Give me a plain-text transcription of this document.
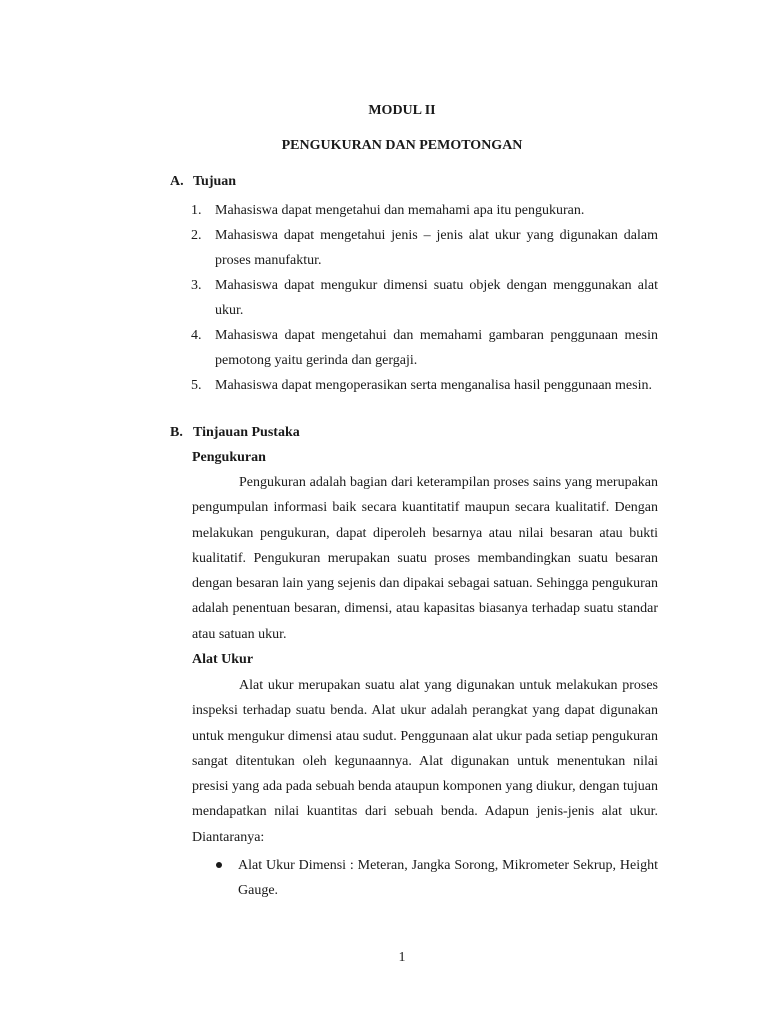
MODUL II
PENGUKURAN DAN PEMOTONGAN
A. Tujuan
1. Mahasiswa dapat mengetahui dan memahami apa itu pengukuran.
2. Mahasiswa dapat mengetahui jenis – jenis alat ukur yang digunakan dalam proses manufaktur.
3. Mahasiswa dapat mengukur dimensi suatu objek dengan menggunakan alat ukur.
4. Mahasiswa dapat mengetahui dan memahami gambaran penggunaan mesin pemotong yaitu gerinda dan gergaji.
5. Mahasiswa dapat mengoperasikan serta menganalisa hasil penggunaan mesin.
B. Tinjauan Pustaka
Pengukuran
Pengukuran adalah bagian dari keterampilan proses sains yang merupakan pengumpulan informasi baik secara kuantitatif maupun secara kualitatif. Dengan melakukan pengukuran, dapat diperoleh besarnya atau nilai besaran atau bukti kualitatif. Pengukuran merupakan suatu proses membandingkan suatu besaran dengan besaran lain yang sejenis dan dipakai sebagai satuan. Sehingga pengukuran adalah penentuan besaran, dimensi, atau kapasitas biasanya terhadap suatu standar atau satuan ukur.
Alat Ukur
Alat ukur merupakan suatu alat yang digunakan untuk melakukan proses inspeksi terhadap suatu benda. Alat ukur adalah perangkat yang dapat digunakan untuk mengukur dimensi atau sudut. Penggunaan alat ukur pada setiap pengukuran sangat ditentukan oleh kegunaannya. Alat digunakan untuk menentukan nilai presisi yang ada pada sebuah benda ataupun komponen yang diukur, dengan tujuan mendapatkan nilai kuantitas dari sebuah benda. Adapun jenis-jenis alat ukur. Diantaranya:
Alat Ukur Dimensi : Meteran, Jangka Sorong, Mikrometer Sekrup, Height Gauge.
1
